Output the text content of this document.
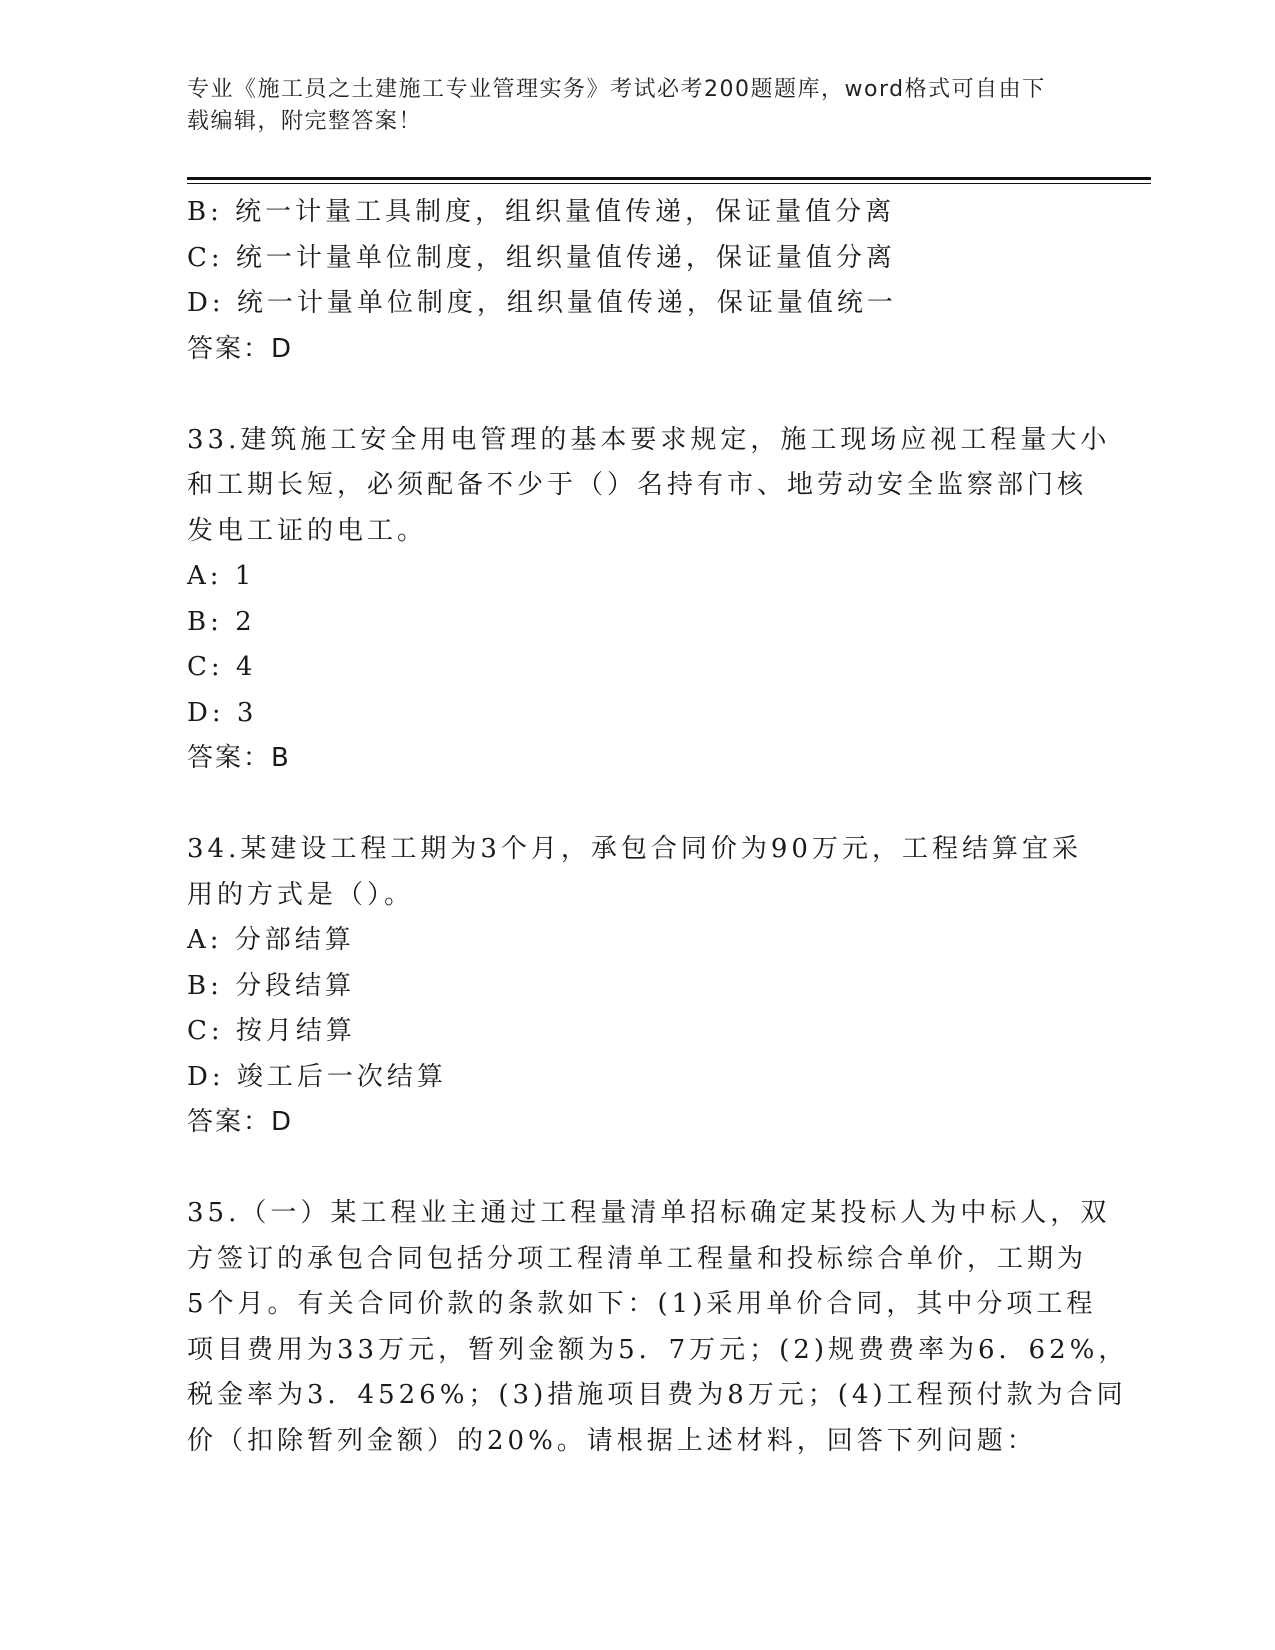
专业《施工员之土建施工专业管理实务》考试必考200题题库，word格式可自由下载编辑，附完整答案！
B: 统一计量工具制度，组织量值传递，保证量值分离
C: 统一计量单位制度，组织量值传递，保证量值分离
D: 统一计量单位制度，组织量值传递，保证量值统一
答案：D
33.建筑施工安全用电管理的基本要求规定，施工现场应视工程量大小
和工期长短，必须配备不少于（）名持有市、地劳动安全监察部门核
发电工证的电工。
A: 1
B: 2
C: 4
D: 3
答案：B
34.某建设工程工期为3个月，承包合同价为90万元，工程结算宜采
用的方式是（）。
A: 分部结算
B: 分段结算
C: 按月结算
D: 竣工后一次结算
答案：D
35.（一）某工程业主通过工程量清单招标确定某投标人为中标人，双
方签订的承包合同包括分项工程清单工程量和投标综合单价，工期为
5个月。有关合同价款的条款如下：(1)采用单价合同，其中分项工程
项目费用为33万元，暂列金额为5．7万元；(2)规费费率为6．62%，
税金率为3．4526%；(3)措施项目费为8万元；(4)工程预付款为合同
价（扣除暂列金额）的20%。请根据上述材料，回答下列问题：
